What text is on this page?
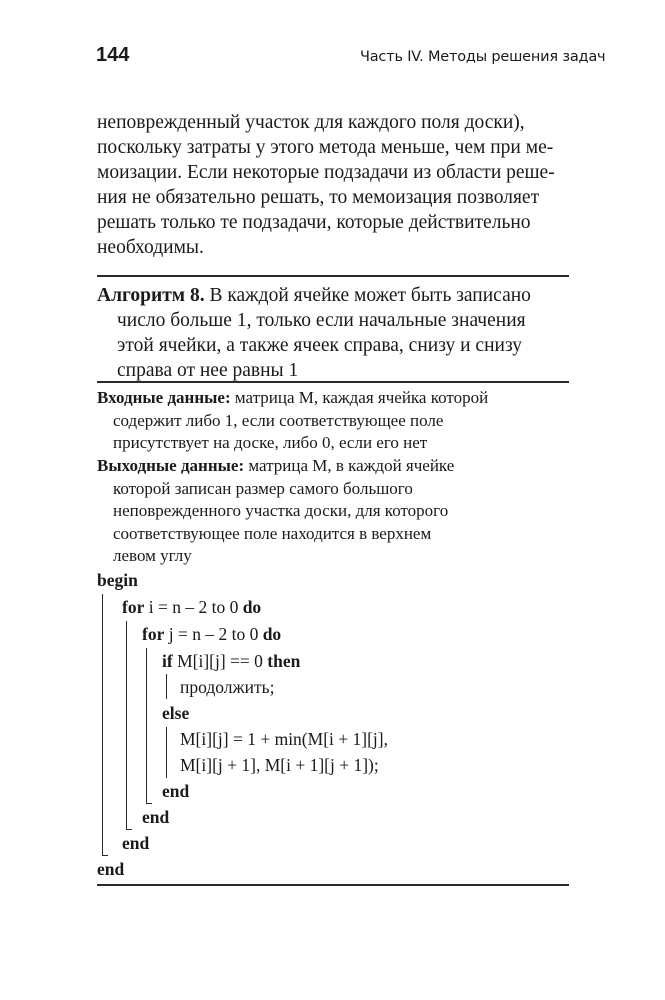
144	Часть IV. Методы решения задач
неповрежденный участок для каждого поля доски),
поскольку затраты у этого метода меньше, чем при ме-
моизации. Если некоторые подзадачи из области реше-
ния не обязательно решать, то мемоизация позволяет
решать только те подзадачи, которые действительно
необходимы.
Алгоритм 8. В каждой ячейке может быть записано
число больше 1, только если начальные значения
этой ячейки, а также ячеек справа, снизу и снизу
справа от нее равны 1
Входные данные: матрица M, каждая ячейка которой
содержит либо 1, если соответствующее поле
присутствует на доске, либо 0, если его нет
Выходные данные: матрица M, в каждой ячейке
которой записан размер самого большого
неповрежденного участка доски, для которого
соответствующее поле находится в верхнем
левом углу
begin
for i = n – 2 to 0 do
for j = n – 2 to 0 do
if M[i][j] == 0 then
продолжить;
else
M[i][j] = 1 + min(M[i + 1][j],
M[i][j + 1], M[i + 1][j + 1]);
end
end
end
end
